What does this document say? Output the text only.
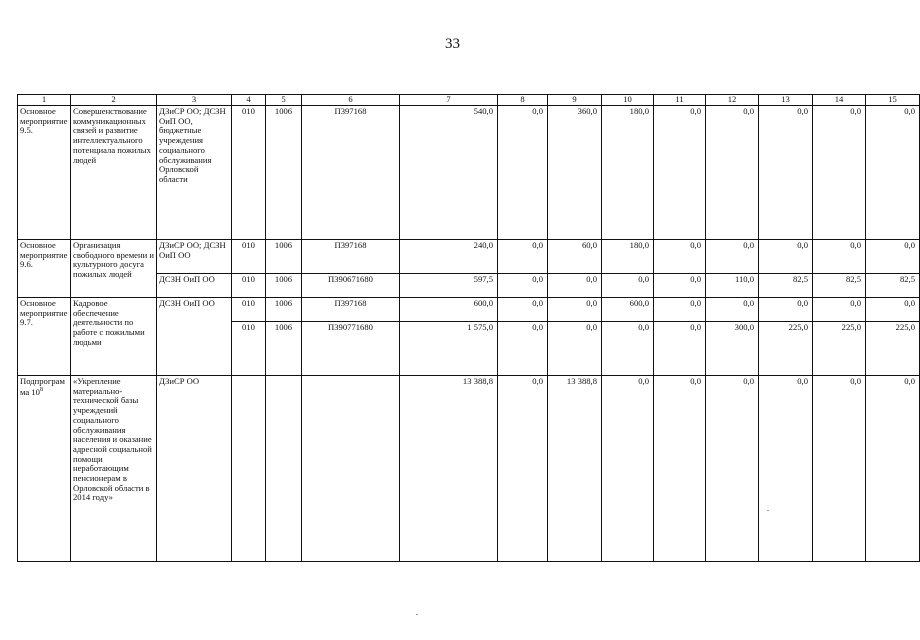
33
1	2	3	4	5	6	7	8	9	10	11	12	13	14	15
Основное мероприятие 9.5.	Совершенствование коммуникационных связей и развитие интеллектуального потенциала пожилых людей	ДЗиСР ОО; ДСЗН ОиП ОО, бюджетные учреждения социального обслуживания Орловской области	010	1006	П397168	540,0	0,0	360,0	180,0	0,0	0,0	0,0	0,0	0,0
Основное мероприятие 9.6.	Организация свободного времени и культурного досуга пожилых людей	ДЗиСР ОО; ДСЗН ОиП ОО	010	1006	П397168	240,0	0,0	60,0	180,0	0,0	0,0	0,0	0,0	0,0
		ДСЗН ОиП ОО	010	1006	П390671680	597,5	0,0	0,0	0,0	0,0	110,0	82,5	82,5	82,5
Основное мероприятие 9.7.	Кадровое обеспечение деятельности по работе с пожилыми людьми	ДСЗН ОиП ОО	010	1006	П397168	600,0	0,0	0,0	600,0	0,0	0,0	0,0	0,0	0,0
			010	1006	П390771680	1 575,0	0,0	0,0	0,0	0,0	300,0	225,0	225,0	225,0
Подпрограмма $10^8$	«Укрепление материально-технической базы учреждений социального обслуживания населения и оказание адресной социальной помощи неработающим пенсионерам в Орловской области в 2014 году»	ДЗиСР ОО				13 388,8	0,0	13 388,8	0,0	0,0	0,0	0,0	0,0	0,0
